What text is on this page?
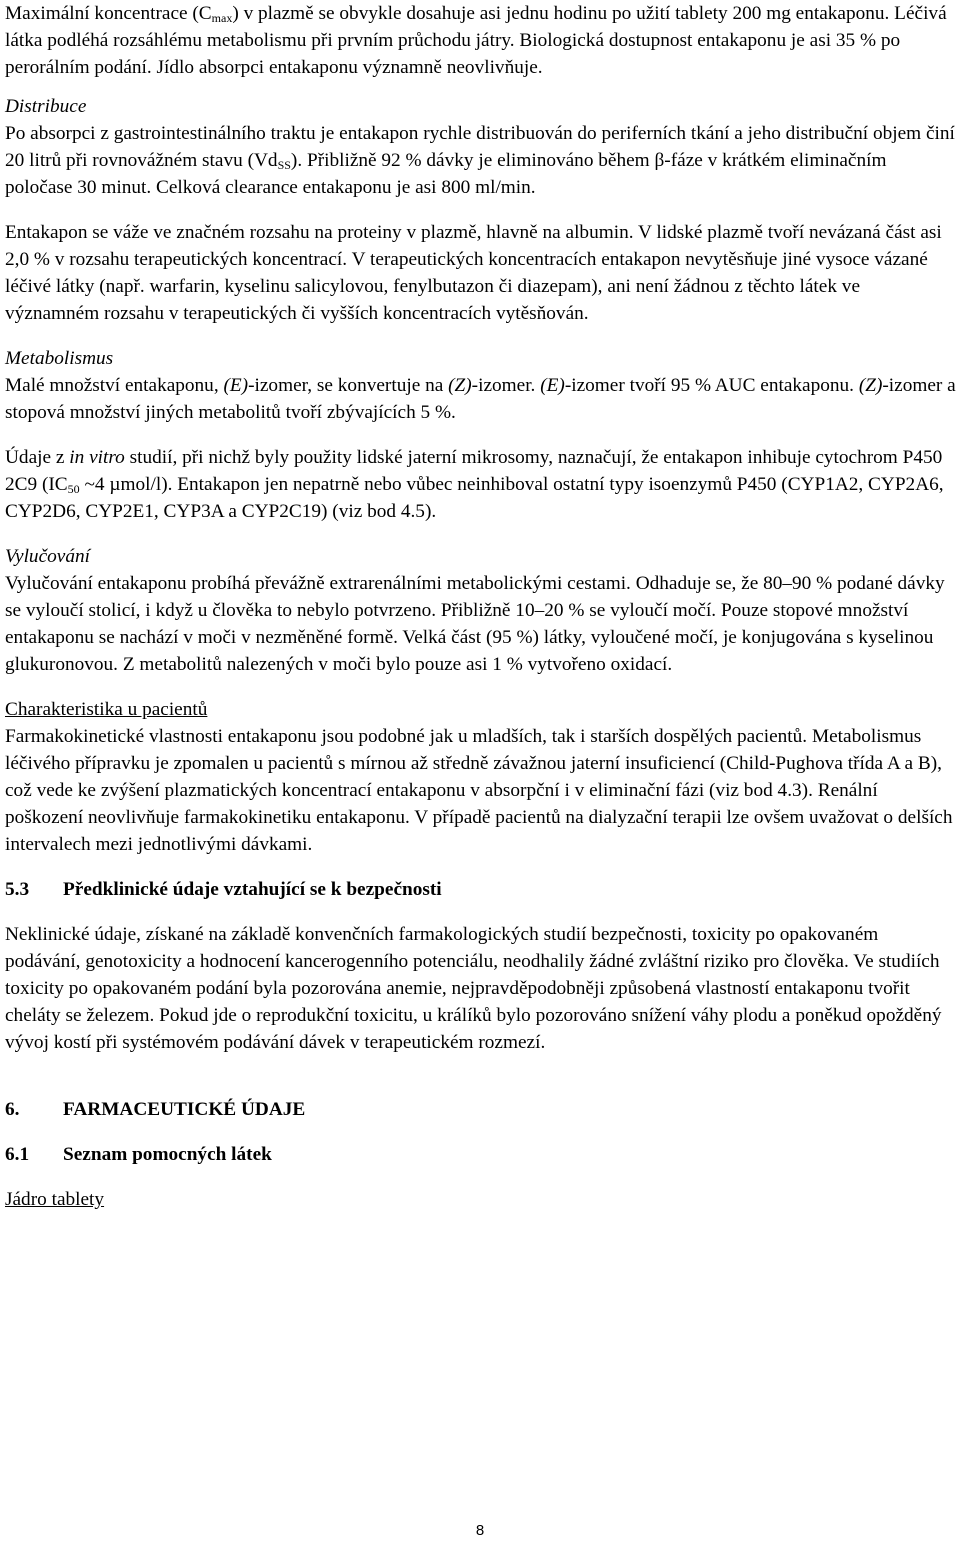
Maximální koncentrace $(C_{max})$ v plazmě se obvykle dosahuje asi jednu hodinu po užití tablety 200 mg entakaponu. Léčivá látka podléhá rozsáhlému metabolismu při prvním průchodu játry. Biologická dostupnost entakaponu je asi 35 % po perorálním podání. Jídlo absorpci entakaponu významně neovlivňuje.

Distribuce

Po absorpci z gastrointestinálního traktu je entakapon rychle distribuován do periferních tkání a jeho distribuční objem činí 20 litrů při rovnovážném stavu $(Vd_{SS})$. Přibližně 92 % dávky je eliminováno během β-fáze v krátkém eliminačním poločase 30 minut. Celková clearance entakaponu je asi 800 ml/min.

Entakapon se váže ve značném rozsahu na proteiny v plazmě, hlavně na albumin. V lidské plazmě tvoří nevázaná část asi 2,0 % v rozsahu terapeutických koncentrací. V terapeutických koncentracích entakapon nevytěsňuje jiné vysoce vázané léčivé látky (např. warfarin, kyselinu salicylovou, fenylbutazon či diazepam), ani není žádnou z těchto látek ve významném rozsahu v terapeutických či vyšších koncentracích vytěsňován.

Metabolismus

Malé množství entakaponu, (E)-izomer, se konvertuje na (Z)-izomer. (E)-izomer tvoří 95 % AUC entakaponu. (Z)-izomer a stopová množství jiných metabolitů tvoří zbývajících 5 %.

Údaje z in vitro studií, při nichž byly použity lidské jaterní mikrosomy, naznačují, že entakapon inhibuje cytochrom P450 2C9 ($IC_{50}$ ~4 µmol/l). Entakapon jen nepatrně nebo vůbec neinhiboval ostatní typy isoenzymů P450 (CYP1A2, CYP2A6, CYP2D6, CYP2E1, CYP3A a CYP2C19) (viz bod 4.5).

Vylučování

Vylučování entakaponu probíhá převážně extrarenálními metabolickými cestami. Odhaduje se, že 80–90 % podané dávky se vyloučí stolicí, i když u člověka to nebylo potvrzeno. Přibližně 10–20 % se vyloučí močí. Pouze stopové množství entakaponu se nachází v moči v nezměněné formě. Velká část (95 %) látky, vyloučené močí, je konjugována s kyselinou glukuronovou. Z metabolitů nalezených v moči bylo pouze asi 1 % vytvořeno oxidací.

Charakteristika u pacientů

Farmakokinetické vlastnosti entakaponu jsou podobné jak u mladších, tak i starších dospělých pacientů. Metabolismus léčivého přípravku je zpomalen u pacientů s mírnou až středně závažnou jaterní insuficiencí (Child-Pughova třída A a B), což vede ke zvýšení plazmatických koncentrací entakaponu v absorpční i v eliminační fázi (viz bod 4.3). Renální poškození neovlivňuje farmakokinetiku entakaponu. V případě pacientů na dialyzační terapii lze ovšem uvažovat o delších intervalech mezi jednotlivými dávkami.

5.3 Předklinické údaje vztahující se k bezpečnosti

Neklinické údaje, získané na základě konvenčních farmakologických studií bezpečnosti, toxicity po opakovaném podávání, genotoxicity a hodnocení kancerogenního potenciálu, neodhalily žádné zvláštní riziko pro člověka. Ve studiích toxicity po opakovaném podání byla pozorována anemie, nejpravděpodobněji způsobená vlastností entakaponu tvořit cheláty se železem. Pokud jde o reprodukční toxicitu, u králíků bylo pozorováno snížení váhy plodu a poněkud opožděný vývoj kostí při systémovém podávání dávek v terapeutickém rozmezí.

6. FARMACEUTICKÉ ÚDAJE

6.1 Seznam pomocných látek

Jádro tablety

8
